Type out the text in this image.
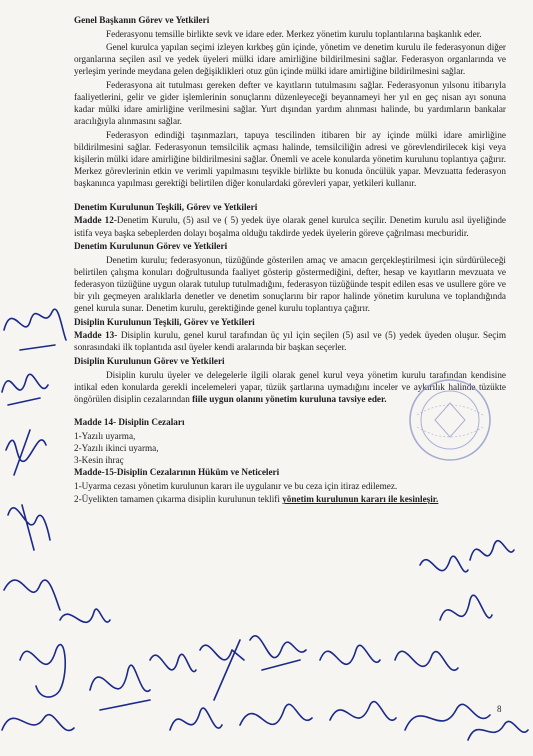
Genel Başkanın Görev ve Yetkileri

Federasyonu temsille birlikte sevk ve idare eder. Merkez yönetim kurulu toplantılarına başkanlık eder.

Genel kurulca yapılan seçimi izleyen kırkbeş gün içinde, yönetim ve denetim kurulu ile federasyonun diğer organlarına seçilen asıl ve yedek üyeleri mülki idare amirliğine bildirilmesini sağlar. Federasyon organlarında ve yerleşim yerinde meydana gelen değişiklikleri otuz gün içinde mülki idare amirliğine bildirilmesini sağlar.

Federasyona ait tutulması gereken defter ve kayıtların tutulmasını sağlar. Federasyonun yılsonu itibarıyla faaliyetlerini, gelir ve gider işlemlerinin sonuçlarını düzenleyeceği beyannameyi her yıl en geç nisan ayı sonuna kadar mülki idare amirliğine verilmesini sağlar. Yurt dışından yardım alınması halinde, bu yardımların bankalar aracılığıyla alınmasını sağlar.

Federasyon edindiği taşınmazları, tapuya tescilinden itibaren bir ay içinde mülki idare amirliğine bildirilmesini sağlar. Federasyonun temsilcilik açması halinde, temsilciliğin adresi ve görevlendirilecek kişi veya kişilerin mülki idare amirliğine bildirilmesini sağlar. Önemli ve acele konularda yönetim kurulunu toplantıya çağırır. Merkez görevlerinin etkin ve verimli yapılmasını teşvikle birlikte bu konuda öncülük yapar. Mevzuatta federasyon başkanınca yapılması gerektiği belirtilen diğer konulardaki görevleri yapar, yetkileri kullanır.

Denetim Kurulunun Teşkili, Görev ve Yetkileri

Madde 12-Denetim Kurulu, (5) asıl ve ( 5) yedek üye olarak genel kurulca seçilir. Denetim kurulu asıl üyeliğinde istifa veya başka sebeplerden dolayı boşalma olduğu takdirde yedek üyelerin göreve çağrılması mecburidir.

Denetim Kurulunun Görev ve Yetkileri

Denetim kurulu; federasyonun, tüzüğünde gösterilen amaç ve amacın gerçekleştirilmesi için sürdürüleceği belirtilen çalışma konuları doğrultusunda faaliyet gösterip göstermediğini, defter, hesap ve kayıtların mevzuata ve federasyon tüzüğüne uygun olarak tutulup tutulmadığını, federasyon tüzüğünde tespit edilen esas ve usullere göre ve bir yılı geçmeyen aralıklarla denetler ve denetim sonuçlarını bir rapor halinde yönetim kuruluna ve toplandığında genel kurula sunar. Denetim kurulu, gerektiğinde genel kurulu toplantıya çağırır.

Disiplin Kurulunun Teşkili, Görev ve Yetkileri

Madde 13- Disiplin kurulu, genel kurul tarafından üç yıl için seçilen (5) asıl ve (5) yedek üyeden oluşur. Seçim sonrasındaki ilk toplantıda asıl üyeler kendi aralarında bir başkan seçerler.

Disiplin Kurulunun Görev ve Yetkileri

Disiplin kurulu üyeler ve delegelerle ilgili olarak genel kurul veya yönetim kurulu tarafından kendisine intikal eden konularda gerekli incelemeleri yapar, tüzük şartlarına uymadığını inceler ve aykırılık halinde tüzükte öngörülen disiplin cezalarından fiile uygun olanını yönetim kuruluna tavsiye eder.

Madde 14- Disiplin Cezaları

1-Yazılı uyarma,

2-Yazılı ikinci uyarma,

3-Kesin ihraç

Madde-15-Disiplin Cezalarının Hüküm ve Neticeleri

1-Uyarma cezası yönetim kurulunun kararı ile uygulanır ve bu ceza için itiraz edilemez.

2-Üyelikten tamamen çıkarma disiplin kurulunun teklifi yönetim kurulunun kararı ile kesinleşir.

8
